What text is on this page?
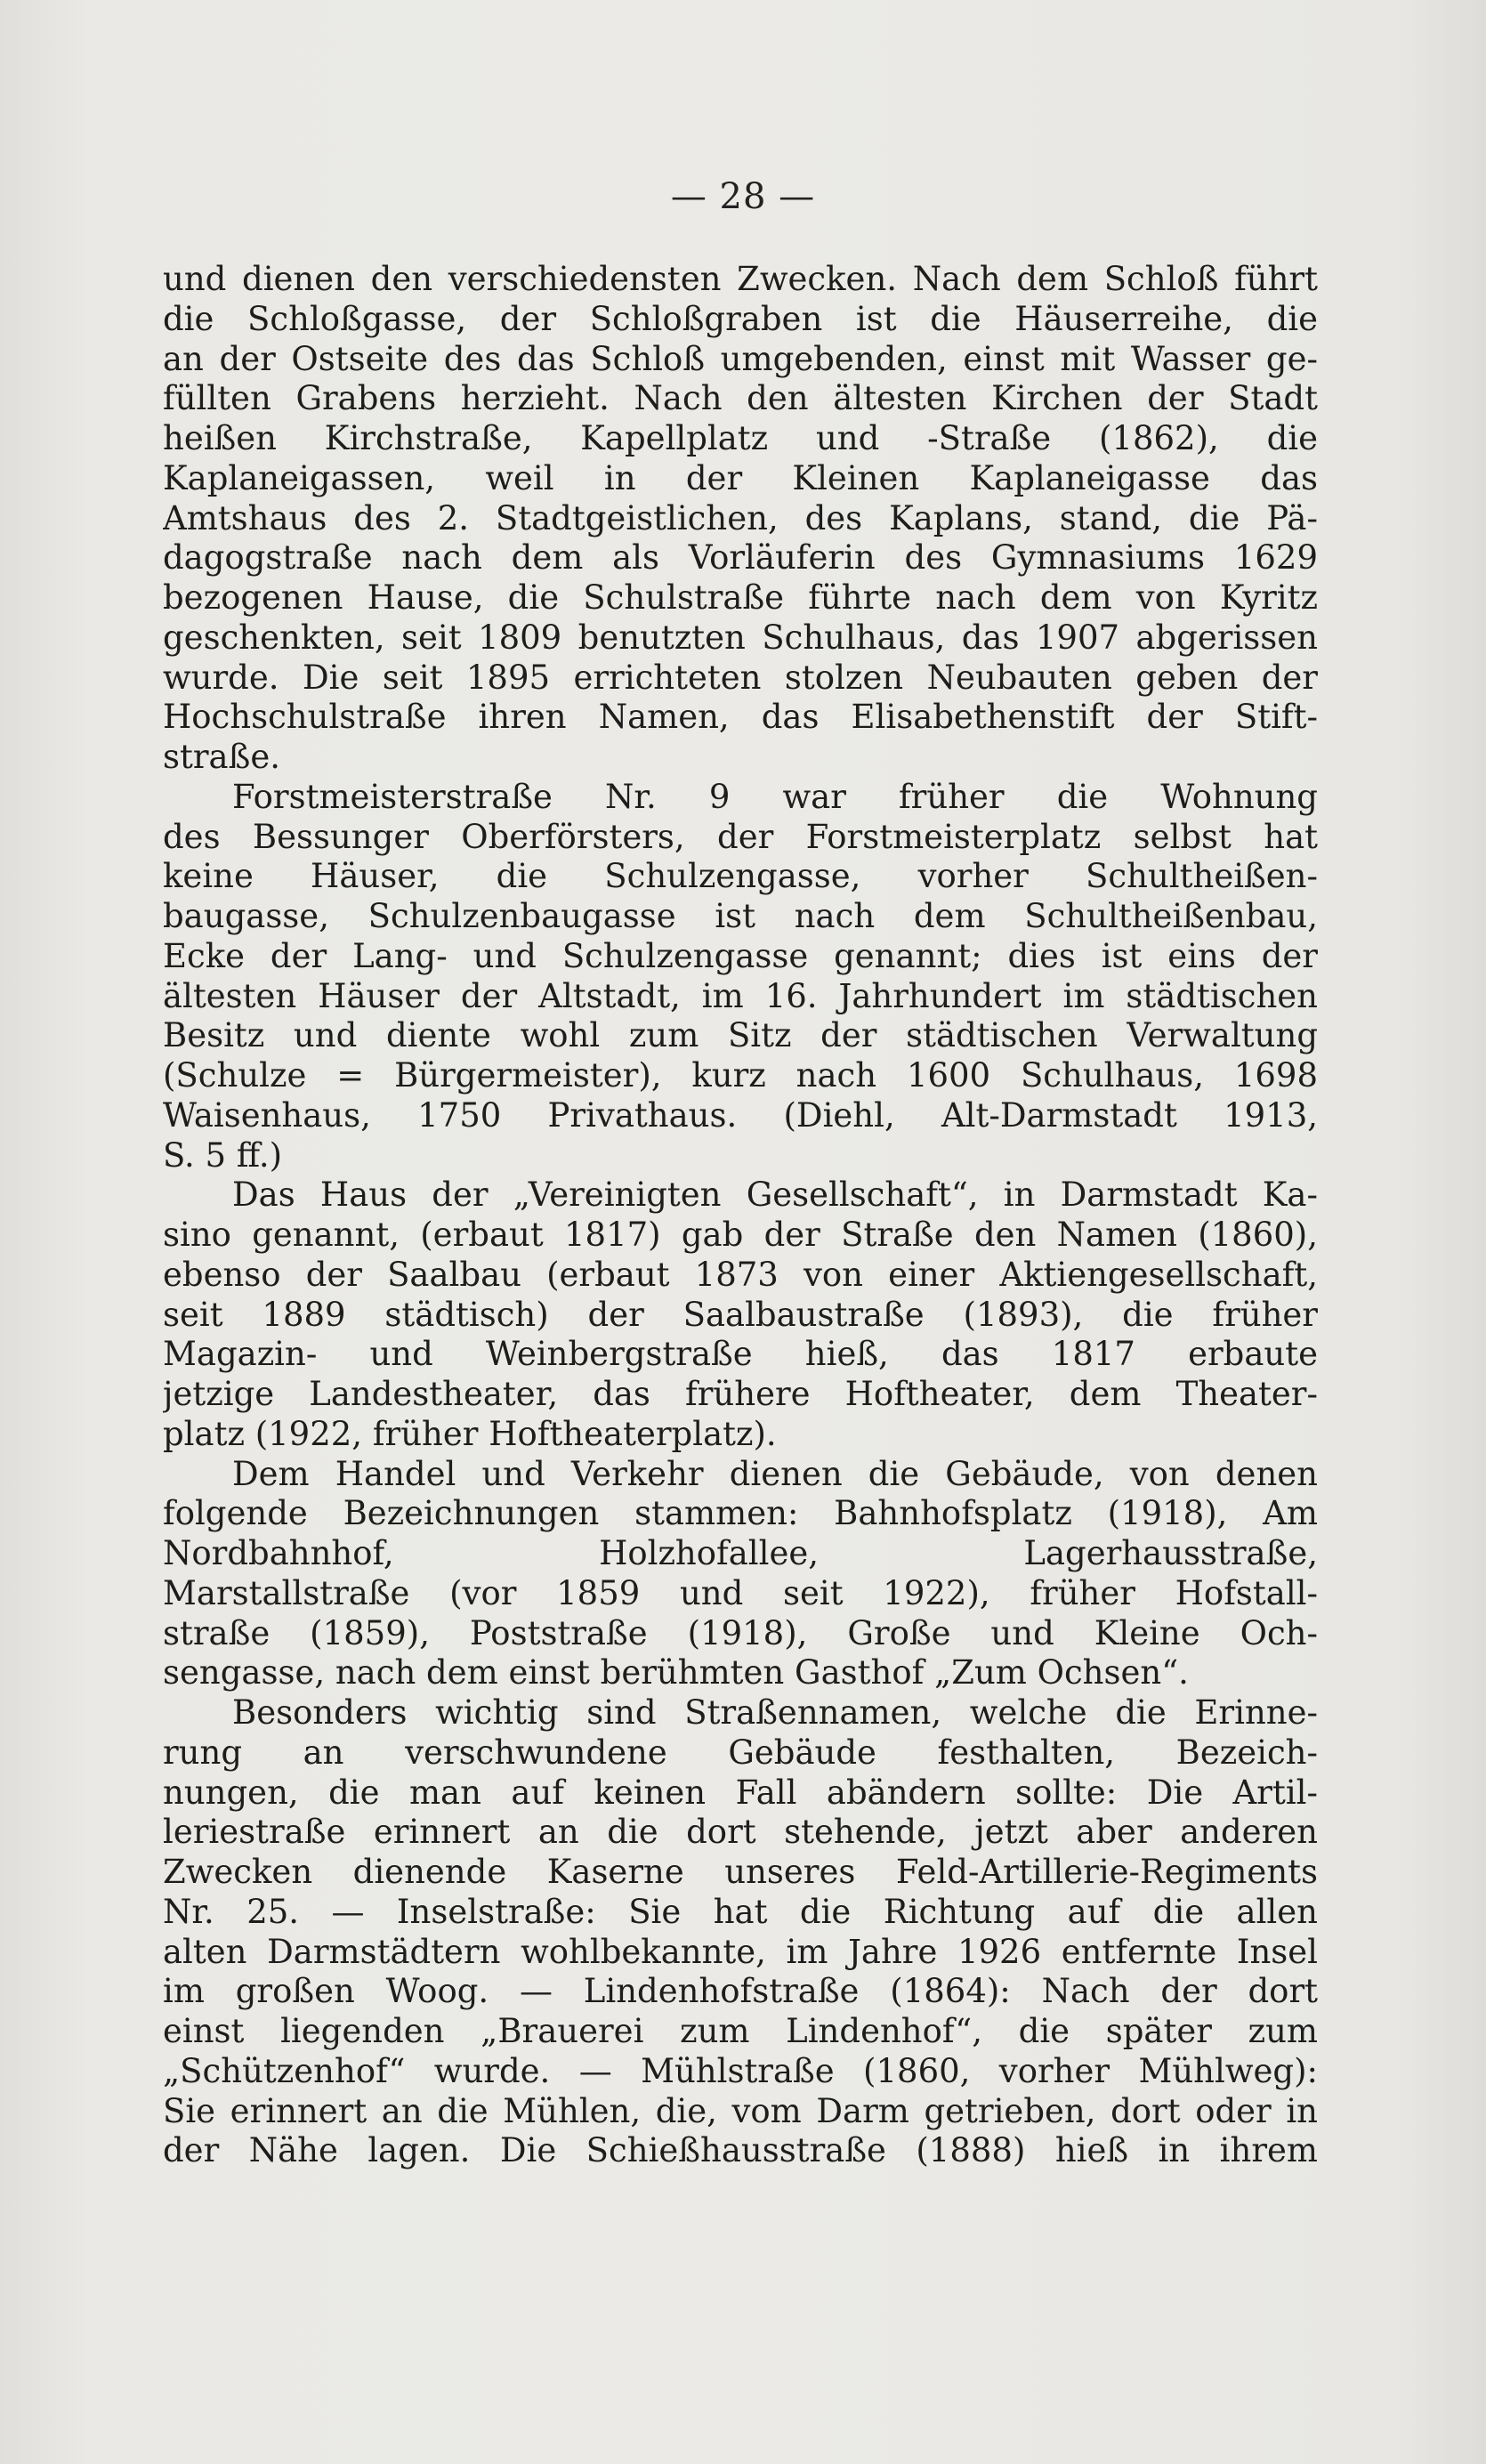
— 28 —
und dienen den verschiedensten Zwecken. Nach dem Schloß führt
die Schloßgasse, der Schloßgraben ist die Häuserreihe, die
an der Ostseite des das Schloß umgebenden, einst mit Wasser ge-
füllten Grabens herzieht. Nach den ältesten Kirchen der Stadt
heißen Kirchstraße, Kapellplatz und -Straße (1862), die
Kaplaneigassen, weil in der Kleinen Kaplaneigasse das
Amtshaus des 2. Stadtgeistlichen, des Kaplans, stand, die Pä-
dagogstraße nach dem als Vorläuferin des Gymnasiums 1629
bezogenen Hause, die Schulstraße führte nach dem von Kyritz
geschenkten, seit 1809 benutzten Schulhaus, das 1907 abgerissen
wurde. Die seit 1895 errichteten stolzen Neubauten geben der
Hochschulstraße ihren Namen, das Elisabethenstift der Stift-
straße.
Forstmeisterstraße Nr. 9 war früher die Wohnung
des Bessunger Oberförsters, der Forstmeisterplatz selbst hat
keine Häuser, die Schulzengasse, vorher Schultheißen-
baugasse, Schulzenbaugasse ist nach dem Schultheißenbau,
Ecke der Lang- und Schulzengasse genannt; dies ist eins der
ältesten Häuser der Altstadt, im 16. Jahrhundert im städtischen
Besitz und diente wohl zum Sitz der städtischen Verwaltung
(Schulze = Bürgermeister), kurz nach 1600 Schulhaus, 1698
Waisenhaus, 1750 Privathaus. (Diehl, Alt-Darmstadt 1913,
S. 5 ff.)
Das Haus der „Vereinigten Gesellschaft“, in Darmstadt Ka-
sino genannt, (erbaut 1817) gab der Straße den Namen (1860),
ebenso der Saalbau (erbaut 1873 von einer Aktiengesellschaft,
seit 1889 städtisch) der Saalbaustraße (1893), die früher
Magazin- und Weinbergstraße hieß, das 1817 erbaute
jetzige Landestheater, das frühere Hoftheater, dem Theater-
platz (1922, früher Hoftheaterplatz).
Dem Handel und Verkehr dienen die Gebäude, von denen
folgende Bezeichnungen stammen: Bahnhofsplatz (1918), Am
Nordbahnhof, Holzhofallee, Lagerhausstraße,
Marstallstraße (vor 1859 und seit 1922), früher Hofstall-
straße (1859), Poststraße (1918), Große und Kleine Och-
sengasse, nach dem einst berühmten Gasthof „Zum Ochsen“.
Besonders wichtig sind Straßennamen, welche die Erinne-
rung an verschwundene Gebäude festhalten, Bezeich-
nungen, die man auf keinen Fall abändern sollte: Die Artil-
leriestraße erinnert an die dort stehende, jetzt aber anderen
Zwecken dienende Kaserne unseres Feld-Artillerie-Regiments
Nr. 25. — Inselstraße: Sie hat die Richtung auf die allen
alten Darmstädtern wohlbekannte, im Jahre 1926 entfernte Insel
im großen Woog. — Lindenhofstraße (1864): Nach der dort
einst liegenden „Brauerei zum Lindenhof“, die später zum
„Schützenhof“ wurde. — Mühlstraße (1860, vorher Mühlweg):
Sie erinnert an die Mühlen, die, vom Darm getrieben, dort oder in
der Nähe lagen. Die Schießhausstraße (1888) hieß in ihrem
